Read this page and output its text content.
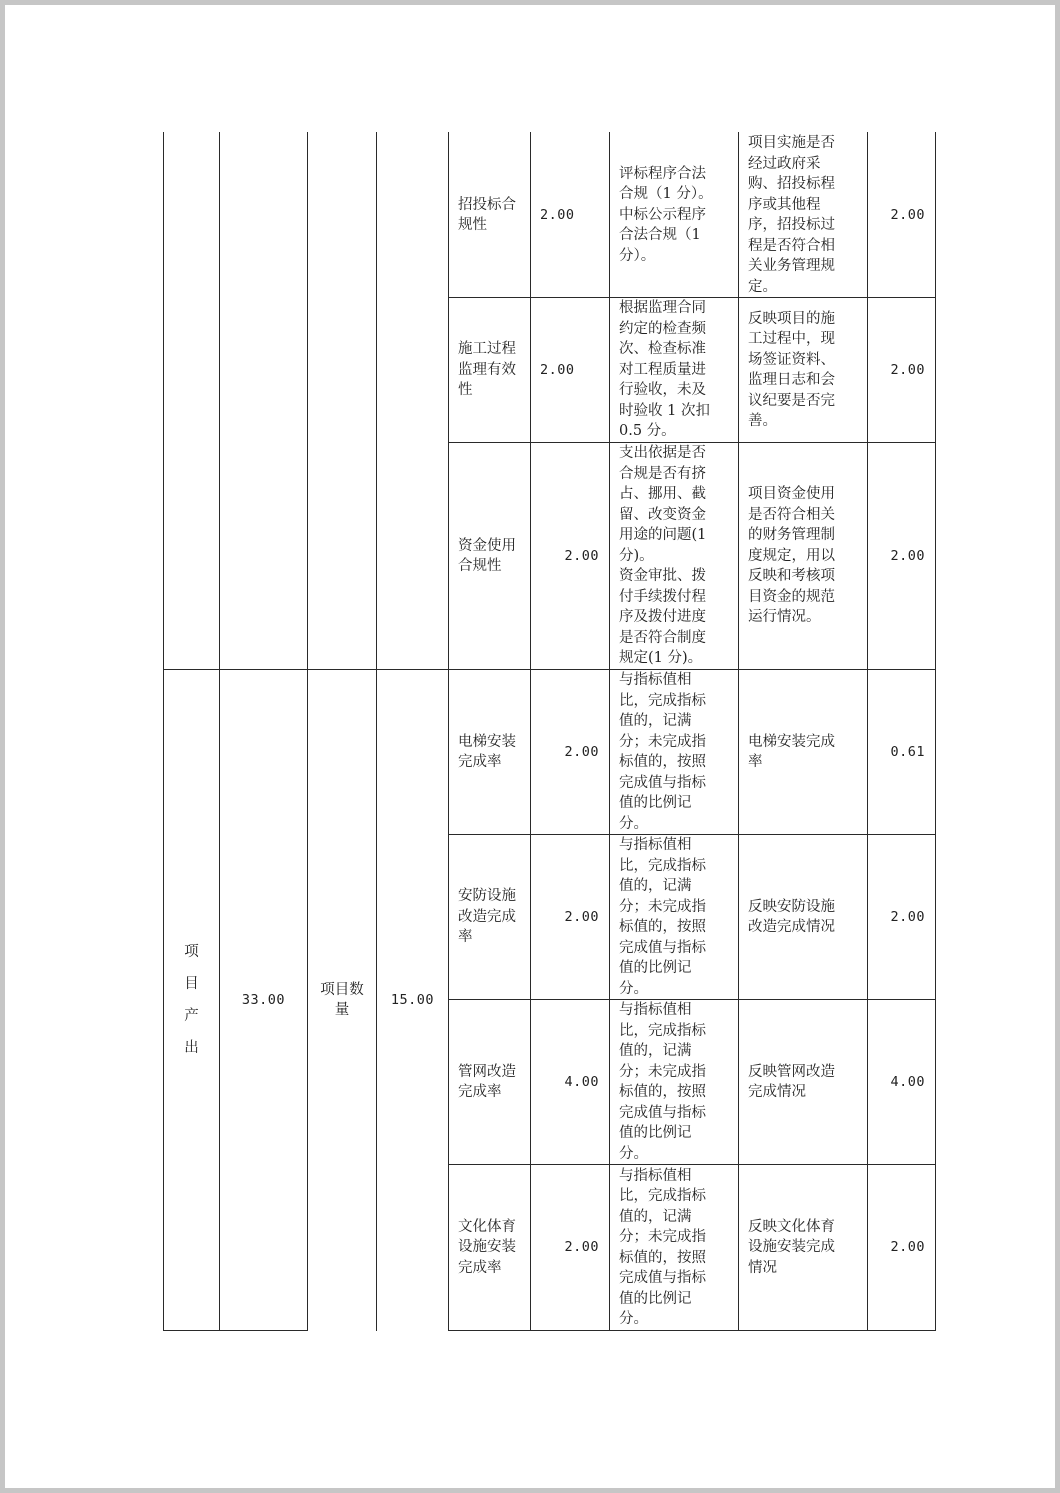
项
目
产
出
33.00
项目数
量
15.00
招投标合
规性
2.00
评标程序合法
合规（1 分）。
中标公示程序
合法合规（1
分）。
项目实施是否
经过政府采
购、招投标程
序或其他程
序，招投标过
程是否符合相
关业务管理规
定。
2.00
施工过程
监理有效
性
2.00
根据监理合同
约定的检查频
次、检查标准
对工程质量进
行验收，未及
时验收 1 次扣
0.5 分。
反映项目的施
工过程中，现
场签证资料、
监理日志和会
议纪要是否完
善。
2.00
资金使用
合规性
2.00
支出依据是否
合规是否有挤
占、挪用、截
留、改变资金
用途的问题(1
分)。
资金审批、拨
付手续拨付程
序及拨付进度
是否符合制度
规定(1 分)。
项目资金使用
是否符合相关
的财务管理制
度规定，用以
反映和考核项
目资金的规范
运行情况。
2.00
电梯安装
完成率
2.00
与指标值相
比，完成指标
值的，记满
分；未完成指
标值的，按照
完成值与指标
值的比例记
分。
电梯安装完成
率
0.61
安防设施
改造完成
率
2.00
与指标值相
比，完成指标
值的，记满
分；未完成指
标值的，按照
完成值与指标
值的比例记
分。
反映安防设施
改造完成情况
2.00
管网改造
完成率
4.00
与指标值相
比，完成指标
值的，记满
分；未完成指
标值的，按照
完成值与指标
值的比例记
分。
反映管网改造
完成情况
4.00
文化体育
设施安装
完成率
2.00
与指标值相
比，完成指标
值的，记满
分；未完成指
标值的，按照
完成值与指标
值的比例记
分。
反映文化体育
设施安装完成
情况
2.00
